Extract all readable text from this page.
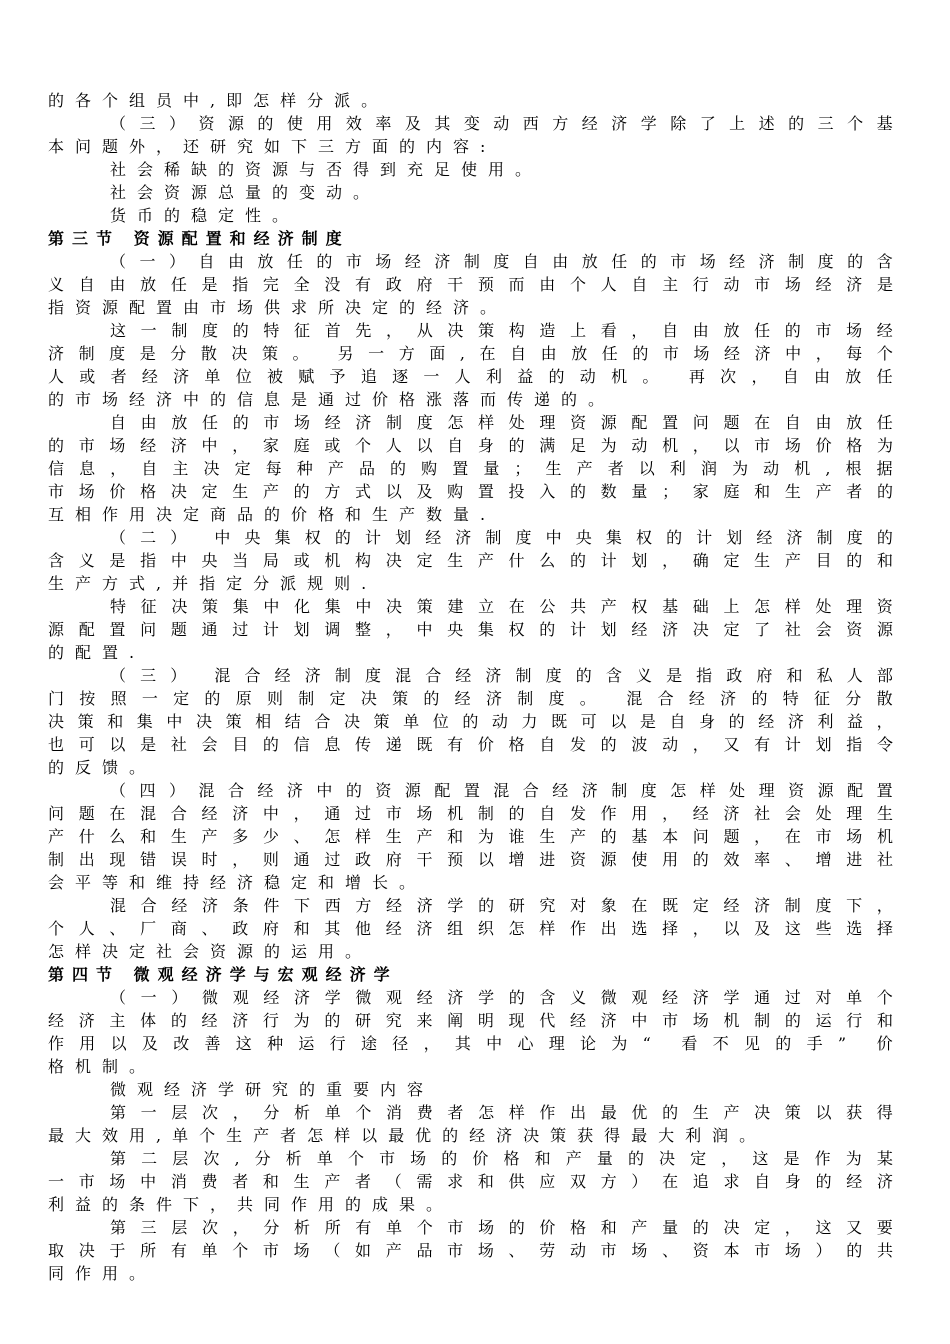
的各个组员中,即怎样分派。
（ 三 ） 资 源 的 使 用 效 率 及 其 变 动 西 方 经 济 学 除 了 上 述 的 三 个 基
本问题外，还研究如下三方面的内容:
社会稀缺的资源与否得到充足使用。
社会资源总量的变动。
货币的稳定性。
第三节 资源配置和经济制度
（ 一 ） 自 由 放 任 的 市 场 经 济 制 度 自 由 放 任 的 市 场 经 济 制 度 的 含
义 自 由 放 任 是 指 完 全 没 有 政 府 干 预 而 由 个 人 自 主 行 动 市 场 经 济 是
指资源配置由市场供求所决定的经济。
这 一 制 度 的 特 征 首 先 ， 从 决 策 构 造 上 看 ， 自 由 放 任 的 市 场 经
济 制 度 是 分 散 决 策 。 另 一 方 面 , 在 自 由 放 任 的 市 场 经 济 中 ， 每 个
人 或 者 经 济 单 位 被 赋 予 追 逐 一 人 利 益 的 动 机 。 再 次 ， 自 由 放 任
的市场经济中的信息是通过价格涨落而传递的。
自 由 放 任 的 市 场 经 济 制 度 怎 样 处 理 资 源 配 置 问 题 在 自 由 放 任
的 市 场 经 济 中 ， 家 庭 或 个 人 以 自 身 的 满 足 为 动 机 ， 以 市 场 价 格 为
信 息 ， 自 主 决 定 每 种 产 品 的 购 置 量 ； 生 产 者 以 利 润 为 动 机 , 根 据
市 场 价 格 决 定 生 产 的 方 式 以 及 购 置 投 入 的 数 量 ； 家 庭 和 生 产 者 的
互相作用决定商品的价格和生产数量.
（ 二 ） 中 央 集 权 的 计 划 经 济 制 度 中 央 集 权 的 计 划 经 济 制 度 的
含 义 是 指 中 央 当 局 或 机 构 决 定 生 产 什 么 的 计 划 ， 确 定 生 产 目 的 和
生产方式,并指定分派规则.
特 征 决 策 集 中 化 集 中 决 策 建 立 在 公 共 产 权 基 础 上 怎 样 处 理 资
源 配 置 问 题 通 过 计 划 调 整 ， 中 央 集 权 的 计 划 经 济 决 定 了 社 会 资 源
的配置.
（ 三 ） 混 合 经 济 制 度 混 合 经 济 制 度 的 含 义 是 指 政 府 和 私 人 部
门 按 照 一 定 的 原 则 制 定 决 策 的 经 济 制 度 。 混 合 经 济 的 特 征 分 散
决 策 和 集 中 决 策 相 结 合 决 策 单 位 的 动 力 既 可 以 是 自 身 的 经 济 利 益 ，
也 可 以 是 社 会 目 的 信 息 传 递 既 有 价 格 自 发 的 波 动 ， 又 有 计 划 指 令
的反馈。
（ 四 ） 混 合 经 济 中 的 资 源 配 置 混 合 经 济 制 度 怎 样 处 理 资 源 配 置
问 题 在 混 合 经 济 中 ， 通 过 市 场 机 制 的 自 发 作 用 ， 经 济 社 会 处 理 生
产 什 么 和 生 产 多 少 、 怎 样 生 产 和 为 谁 生 产 的 基 本 问 题 ， 在 市 场 机
制 出 现 错 误 时 ， 则 通 过 政 府 干 预 以 增 进 资 源 使 用 的 效 率 、 增 进 社
会平等和维持经济稳定和增长。
混 合 经 济 条 件 下 西 方 经 济 学 的 研 究 对 象 在 既 定 经 济 制 度 下 ，
个 人 、 厂 商 、 政 府 和 其 他 经 济 组 织 怎 样 作 出 选 择 ， 以 及 这 些 选 择
怎样决定社会资源的运用。
第四节 微观经济学与宏观经济学
（ 一 ） 微 观 经 济 学 微 观 经 济 学 的 含 义 微 观 经 济 学 通 过 对 单 个
经 济 主 体 的 经 济 行 为 的 研 究 来 阐 明 现 代 经 济 中 市 场 机 制 的 运 行 和
作 用 以 及 改 善 这 种 运 行 途 径 ， 其 中 心 理 论 为 “ 看 不 见 的 手 ” 价
格机制。
微观经济学研究的重要内容
第 一 层 次 ， 分 析 单 个 消 费 者 怎 样 作 出 最 优 的 生 产 决 策 以 获 得
最大效用,单个生产者怎样以最优的经济决策获得最大利润。
第 二 层 次 , 分 析 单 个 市 场 的 价 格 和 产 量 的 决 定 ， 这 是 作 为 某
一 市 场 中 消 费 者 和 生 产 者 （ 需 求 和 供 应 双 方 ） 在 追 求 自 身 的 经 济
利益的条件下，共同作用的成果。
第 三 层 次 ， 分 析 所 有 单 个 市 场 的 价 格 和 产 量 的 决 定 ， 这 又 要
取 决 于 所 有 单 个 市 场 （ 如 产 品 市 场 、 劳 动 市 场 、 资 本 市 场 ） 的 共
同作用。
